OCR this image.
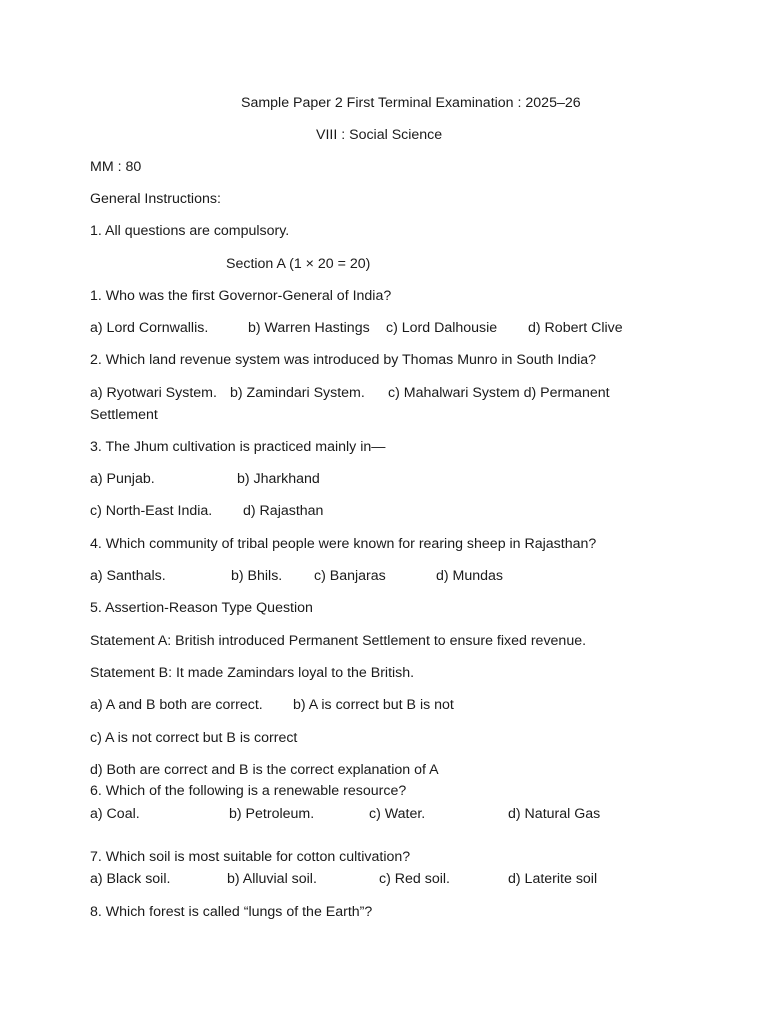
Sample Paper 2 First Terminal Examination : 2025–26
VIII : Social Science
MM : 80
General Instructions:
1. All questions are compulsory.
Section A (1 × 20 = 20)
1. Who was the first Governor-General of India?
a) Lord Cornwallis.	b) Warren Hastings c) Lord Dalhousie d) Robert Clive
2. Which land revenue system was introduced by Thomas Munro in South India?
a) Ryotwari System. b) Zamindari System. c) Mahalwari System d) Permanent
Settlement
3. The Jhum cultivation is practiced mainly in—
a) Punjab.	b) Jharkhand
c) North-East India. d) Rajasthan
4. Which community of tribal people were known for rearing sheep in Rajasthan?
a) Santhals.	b) Bhils. c) Banjaras	d) Mundas
5. Assertion-Reason Type Question
Statement A: British introduced Permanent Settlement to ensure fixed revenue.
Statement B: It made Zamindars loyal to the British.
a) A and B both are correct. b) A is correct but B is not
c) A is not correct but B is correct
d) Both are correct and B is the correct explanation of A
6. Which of the following is a renewable resource?
a) Coal.	b) Petroleum.	c) Water.	d) Natural Gas
7. Which soil is most suitable for cotton cultivation?
a) Black soil.	b) Alluvial soil.	c) Red soil.	d) Laterite soil
8. Which forest is called “lungs of the Earth”?
